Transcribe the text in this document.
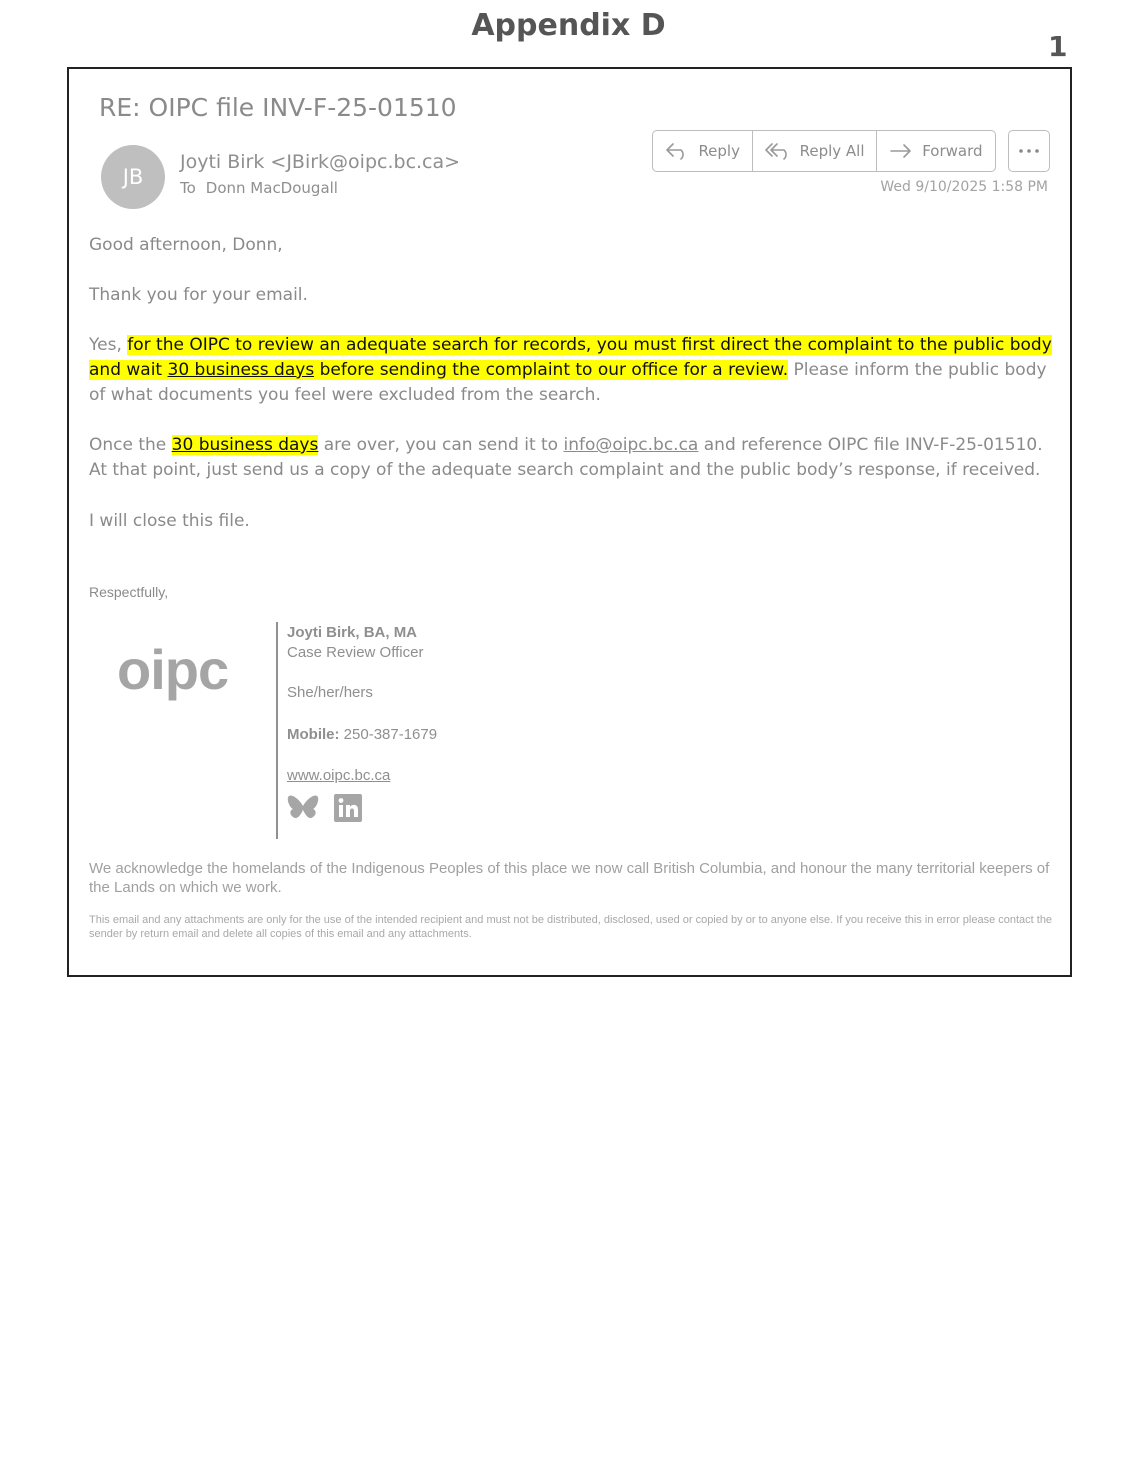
Appendix D
1
RE: OIPC file INV-F-25-01510
JB
Joyti Birk <JBirk@oipc.bc.ca>
To Donn MacDougall
Reply	Reply All	Forward
Wed 9/10/2025 1:58 PM
Good afternoon, Donn,
Thank you for your email.
Yes, for the OIPC to review an adequate search for records, you must first direct the complaint to the public body and wait 30 business days before sending the complaint to our office for a review. Please inform the public body of what documents you feel were excluded from the search.
Once the 30 business days are over, you can send it to info@oipc.bc.ca and reference OIPC file INV-F-25-01510. At that point, just send us a copy of the adequate search complaint and the public body’s response, if received.
I will close this file.
Respectfully,
oipc
Joyti Birk, BA, MA
Case Review Officer
She/her/hers
Mobile: 250-387-1679
www.oipc.bc.ca
We acknowledge the homelands of the Indigenous Peoples of this place we now call British Columbia, and honour the many territorial keepers of the Lands on which we work.
This email and any attachments are only for the use of the intended recipient and must not be distributed, disclosed, used or copied by or to anyone else. If you receive this in error please contact the sender by return email and delete all copies of this email and any attachments.
